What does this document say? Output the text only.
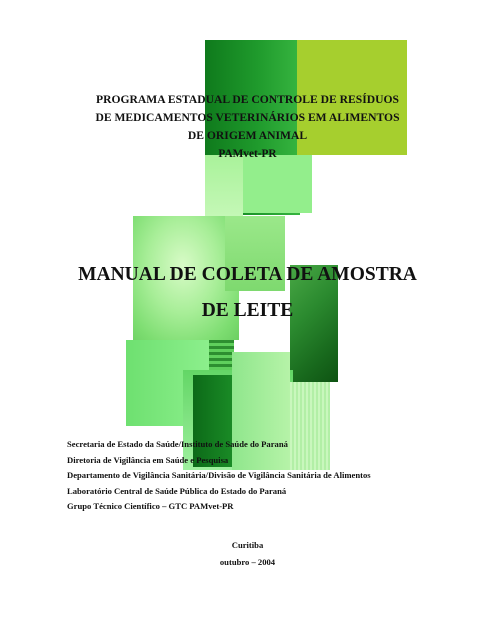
PROGRAMA ESTADUAL DE CONTROLE DE RESÍDUOS
DE MEDICAMENTOS VETERINÁRIOS EM ALIMENTOS
DE ORIGEM ANIMAL
PAMvet-PR
MANUAL DE COLETA DE AMOSTRA
DE LEITE
Secretaria de Estado da Saúde/Instituto de Saúde do Paraná
Diretoria de Vigilância em Saúde e Pesquisa
Departamento de Vigilância Sanitária/Divisão de Vigilância Sanitária de Alimentos
Laboratório Central de Saúde Pública do Estado do Paraná
Grupo Técnico Científico – GTC PAMvet-PR
Curitiba
outubro – 2004
